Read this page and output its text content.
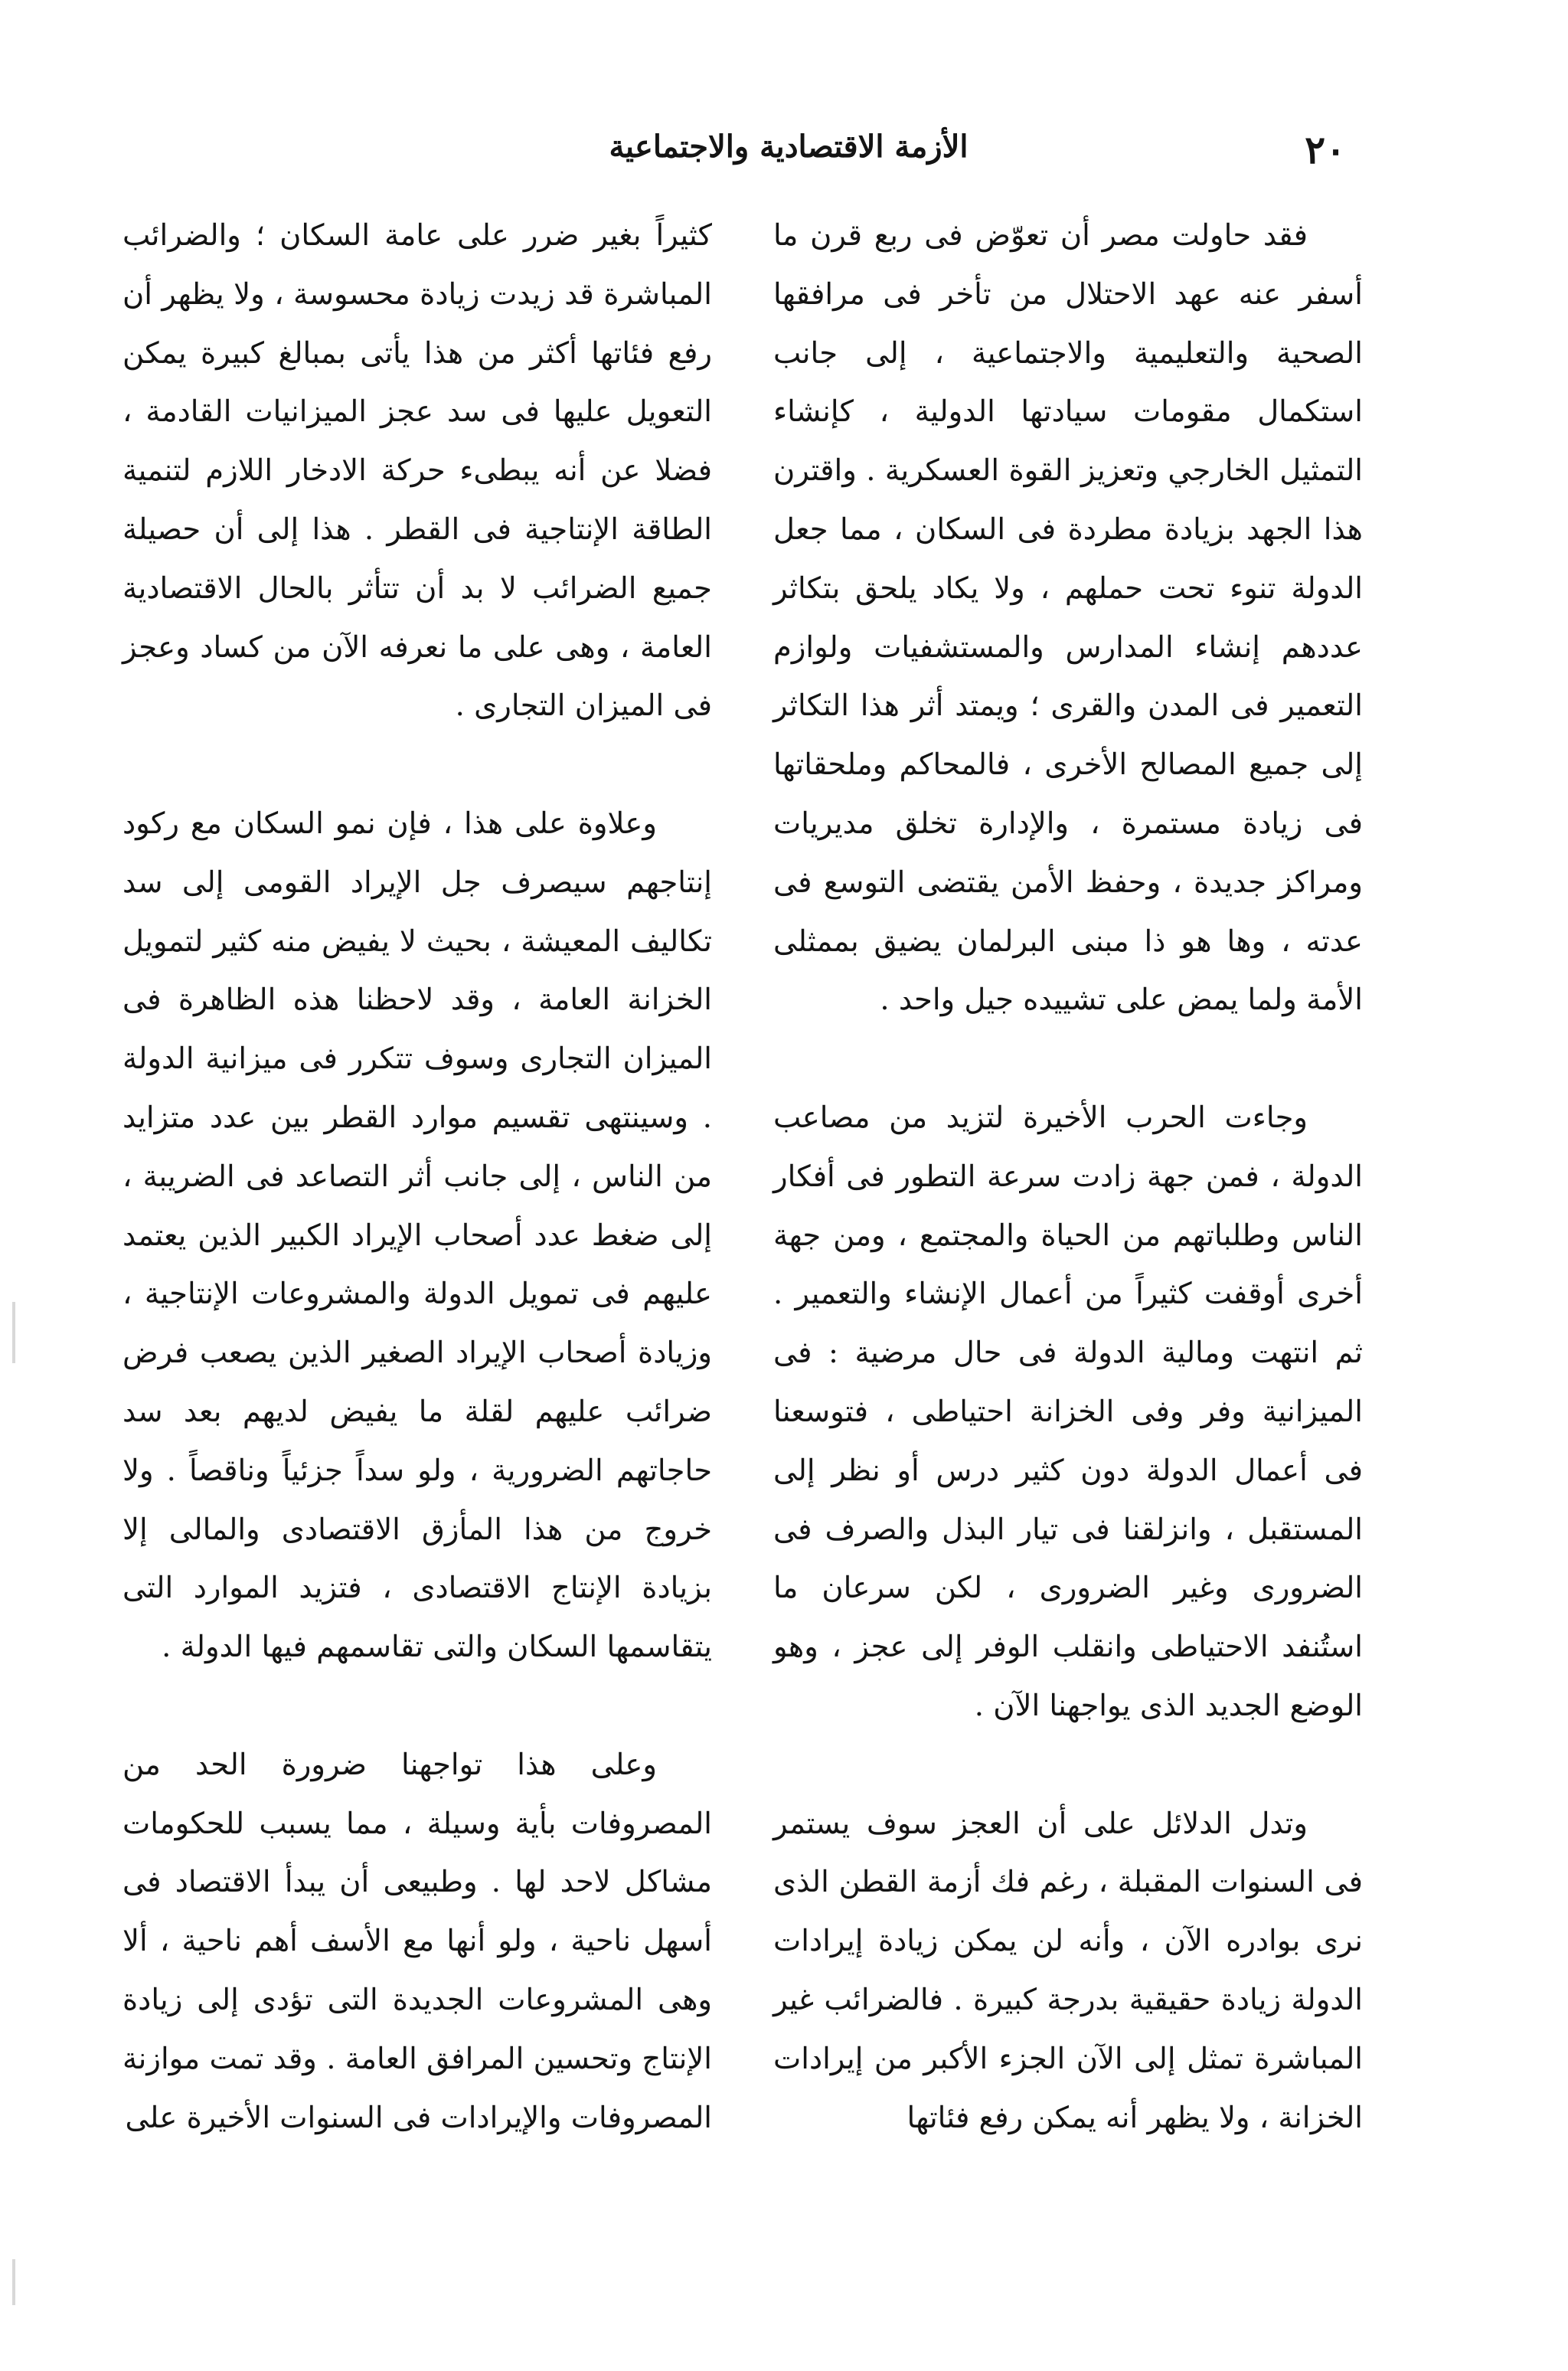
٢٠
الأزمة الاقتصادية والاجتماعية

فقد حاولت مصر أن تعوّض فى ربع قرن ما أسفر عنه عهد الاحتلال من تأخر فى مرافقها الصحية والتعليمية والاجتماعية ، إلى جانب استكمال مقومات سيادتها الدولية ، كإنشاء التمثيل الخارجي وتعزيز القوة العسكرية . واقترن هذا الجهد بزيادة مطردة فى السكان ، مما جعل الدولة تنوء تحت حملهم ، ولا يكاد يلحق بتكاثر عددهم إنشاء المدارس والمستشفيات ولوازم التعمير فى المدن والقرى ؛ ويمتد أثر هذا التكاثر إلى جميع المصالح الأخرى ، فالمحاكم وملحقاتها فى زيادة مستمرة ، والإدارة تخلق مديريات ومراكز جديدة ، وحفظ الأمن يقتضى التوسع فى عدته ، وها هو ذا مبنى البرلمان يضيق بممثلى الأمة ولما يمض على تشييده جيل واحد .

وجاءت الحرب الأخيرة لتزيد من مصاعب الدولة ، فمن جهة زادت سرعة التطور فى أفكار الناس وطلباتهم من الحياة والمجتمع ، ومن جهة أخرى أوقفت كثيراً من أعمال الإنشاء والتعمير . ثم انتهت ومالية الدولة فى حال مرضية : فى الميزانية وفر وفى الخزانة احتياطى ، فتوسعنا فى أعمال الدولة دون كثير درس أو نظر إلى المستقبل ، وانزلقنا فى تيار البذل والصرف فى الضرورى وغير الضرورى ، لكن سرعان ما استُنفد الاحتياطى وانقلب الوفر إلى عجز ، وهو الوضع الجديد الذى يواجهنا الآن .

وتدل الدلائل على أن العجز سوف يستمر فى السنوات المقبلة ، رغم فك أزمة القطن الذى نرى بوادره الآن ، وأنه لن يمكن زيادة إيرادات الدولة زيادة حقيقية بدرجة كبيرة . فالضرائب غير المباشرة تمثل إلى الآن الجزء الأكبر من إيرادات الخزانة ، ولا يظهر أنه يمكن رفع فئاتها

كثيراً بغير ضرر على عامة السكان ؛ والضرائب المباشرة قد زيدت زيادة محسوسة ، ولا يظهر أن رفع فئاتها أكثر من هذا يأتى بمبالغ كبيرة يمكن التعويل عليها فى سد عجز الميزانيات القادمة ، فضلا عن أنه يبطىء حركة الادخار اللازم لتنمية الطاقة الإنتاجية فى القطر . هذا إلى أن حصيلة جميع الضرائب لا بد أن تتأثر بالحال الاقتصادية العامة ، وهى على ما نعرفه الآن من كساد وعجز فى الميزان التجارى .

وعلاوة على هذا ، فإن نمو السكان مع ركود إنتاجهم سيصرف جل الإيراد القومى إلى سد تكاليف المعيشة ، بحيث لا يفيض منه كثير لتمويل الخزانة العامة ، وقد لاحظنا هذه الظاهرة فى الميزان التجارى وسوف تتكرر فى ميزانية الدولة . وسينتهى تقسيم موارد القطر بين عدد متزايد من الناس ، إلى جانب أثر التصاعد فى الضريبة ، إلى ضغط عدد أصحاب الإيراد الكبير الذين يعتمد عليهم فى تمويل الدولة والمشروعات الإنتاجية ، وزيادة أصحاب الإيراد الصغير الذين يصعب فرض ضرائب عليهم لقلة ما يفيض لديهم بعد سد حاجاتهم الضرورية ، ولو سداً جزئياً وناقصاً . ولا خروج من هذا المأزق الاقتصادى والمالى إلا بزيادة الإنتاج الاقتصادى ، فتزيد الموارد التى يتقاسمها السكان والتى تقاسمهم فيها الدولة .

وعلى هذا تواجهنا ضرورة الحد من المصروفات بأية وسيلة ، مما يسبب للحكومات مشاكل لاحد لها . وطبيعى أن يبدأ الاقتصاد فى أسهل ناحية ، ولو أنها مع الأسف أهم ناحية ، ألا وهى المشروعات الجديدة التى تؤدى إلى زيادة الإنتاج وتحسين المرافق العامة . وقد تمت موازنة المصروفات والإيرادات فى السنوات الأخيرة على
